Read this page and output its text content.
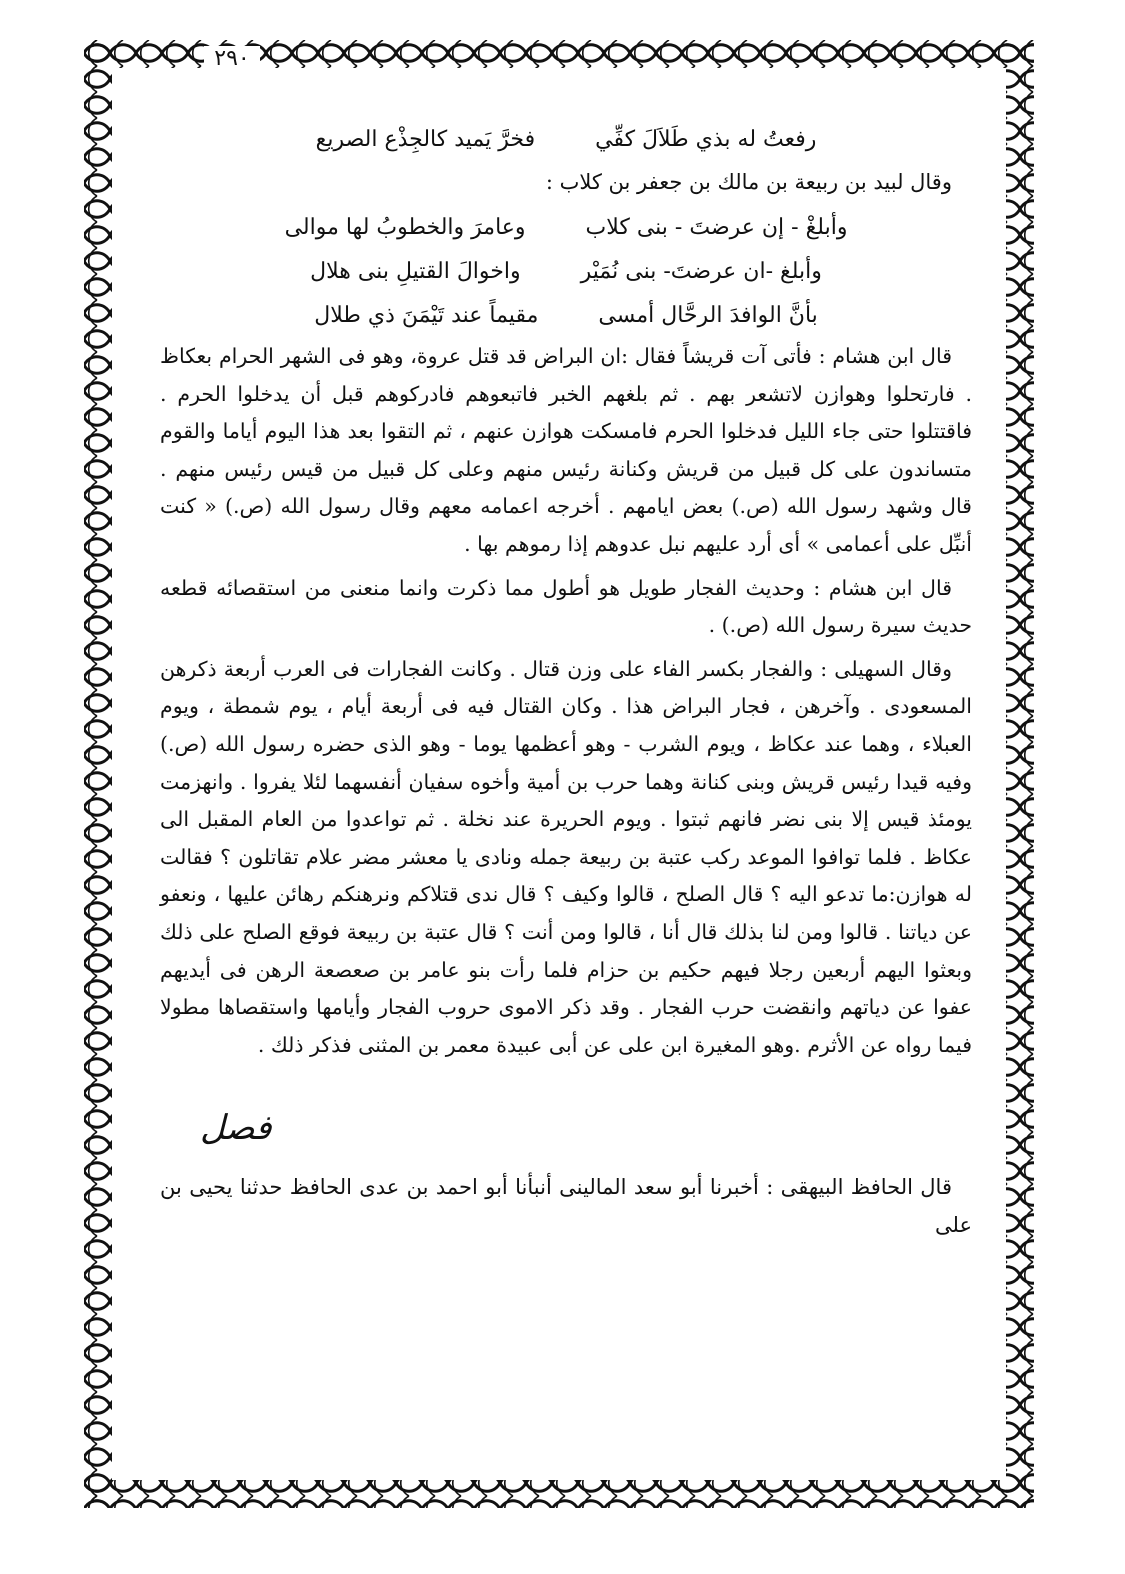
٢٩٠
رفعتُ له بذي طَلاَلَ كفِّي
فخرَّ يَميد كالجِذْع الصريع

وقال لبيد بن ربيعة بن مالك بن جعفر بن كلاب :

وأبلغْ - إن عرضتَ - بنى كلاب
وعامرَ والخطوبُ لها موالى
وأبلغ -ان عرضتَ- بنى نُمَيْر
واخوالَ القتيلِ بنى هلال
بأنَّ الوافدَ الرحَّال أمسى
مقيماً عند تَيْمَنَ ذي طلال

قال ابن هشام : فأتى آت قريشاً فقال :ان البراض قد قتل عروة، وهو فى الشهر الحرام بعكاظ . فارتحلوا وهوازن لاتشعر بهم . ثم بلغهم الخبر فاتبعوهم فادركوهم قبل أن يدخلوا الحرم . فاقتتلوا حتى جاء الليل فدخلوا الحرم فامسكت هوازن عنهم ، ثم التقوا بعد هذا اليوم أياما والقوم متساندون على كل قبيل من قريش وكنانة رئيس منهم وعلى كل قبيل من قيس رئيس منهم . قال وشهد رسول الله (ص.) بعض ايامهم . أخرجه اعمامه معهم وقال رسول الله (ص.) « كنت أنبِّل على أعمامى » أى أرد عليهم نبل عدوهم إذا رموهم بها .

قال ابن هشام : وحديث الفجار طويل هو أطول مما ذكرت وانما منعنى من استقصائه قطعه حديث سيرة رسول الله (ص.) .

وقال السهيلى : والفجار بكسر الفاء على وزن قتال . وكانت الفجارات فى العرب أربعة ذكرهن المسعودى . وآخرهن ، فجار البراض هذا . وكان القتال فيه فى أربعة أيام ، يوم شمطة ، ويوم العبلاء ، وهما عند عكاظ ، ويوم الشرب - وهو أعظمها يوما - وهو الذى حضره رسول الله (ص.) وفيه قيدا رئيس قريش وبنى كنانة وهما حرب بن أمية وأخوه سفيان أنفسهما لئلا يفروا . وانهزمت يومئذ قيس إلا بنى نضر فانهم ثبتوا . ويوم الحريرة عند نخلة . ثم تواعدوا من العام المقبل الى عكاظ . فلما توافوا الموعد ركب عتبة بن ربيعة جمله ونادى يا معشر مضر علام تقاتلون ؟ فقالت له هوازن:ما تدعو اليه ؟ قال الصلح ، قالوا وكيف ؟ قال ندى قتلاكم ونرهنكم رهائن عليها ، ونعفو عن دياتنا . قالوا ومن لنا بذلك قال أنا ، قالوا ومن أنت ؟ قال عتبة بن ربيعة فوقع الصلح على ذلك وبعثوا اليهم أربعين رجلا فيهم حكيم بن حزام فلما رأت بنو عامر بن صعصعة الرهن فى أيديهم عفوا عن دياتهم وانقضت حرب الفجار . وقد ذكر الاموى حروب الفجار وأيامها واستقصاها مطولا فيما رواه عن الأثرم .وهو المغيرة ابن على عن أبى عبيدة معمر بن المثنى فذكر ذلك .

فصل

قال الحافظ البيهقى : أخبرنا أبو سعد المالينى أنبأنا أبو احمد بن عدى الحافظ حدثنا يحيى بن على
